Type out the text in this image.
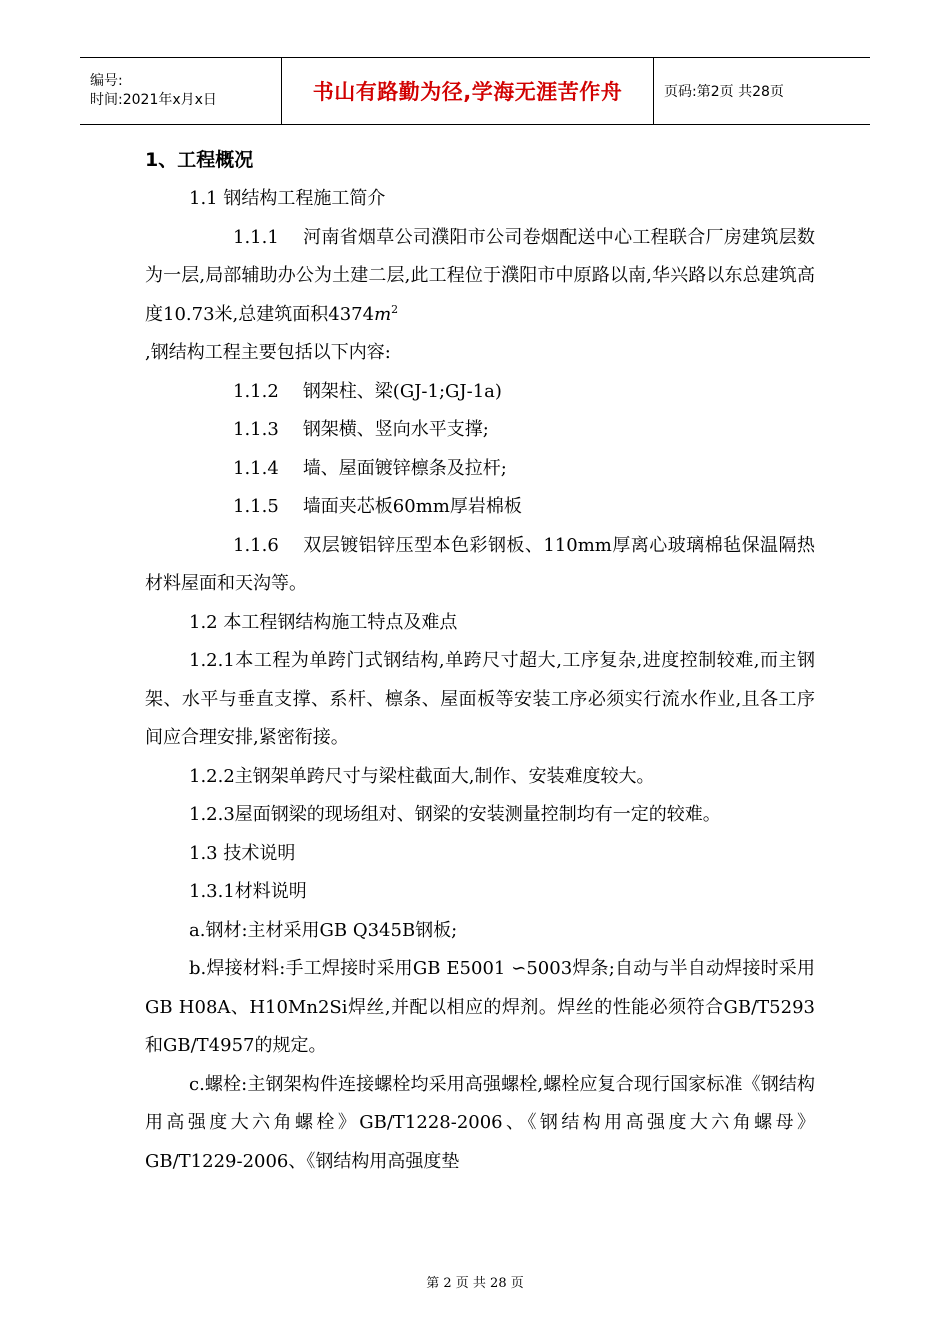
编号:
时间:2021年x月x日	书山有路勤为径,学海无涯苦作舟	页码:第2页 共28页
1、工程概况

1.1 钢结构工程施工简介

1.1.1 河南省烟草公司濮阳市公司卷烟配送中心工程联合厂房建筑层数为一层,局部辅助办公为土建二层,此工程位于濮阳市中原路以南,华兴路以东总建筑高度10.73米,总建筑面积$4374m^2$

,钢结构工程主要包括以下内容:

1.1.2 钢架柱、梁(GJ-1;GJ-1a)

1.1.3 钢架横、竖向水平支撑;

1.1.4 墙、屋面镀锌檩条及拉杆;

1.1.5 墙面夹芯板60mm厚岩棉板

1.1.6 双层镀铝锌压型本色彩钢板、110mm厚离心玻璃棉毡保温隔热材料屋面和天沟等。

1.2 本工程钢结构施工特点及难点

1.2.1本工程为单跨门式钢结构,单跨尺寸超大,工序复杂,进度控制较难,而主钢架、水平与垂直支撑、系杆、檩条、屋面板等安装工序必须实行流水作业,且各工序间应合理安排,紧密衔接。

1.2.2主钢架单跨尺寸与梁柱截面大,制作、安装难度较大。

1.2.3屋面钢梁的现场组对、钢梁的安装测量控制均有一定的较难。

1.3 技术说明

1.3.1材料说明

a.钢材:主材采用GB Q345B钢板;

b.焊接材料:手工焊接时采用GB E5001 ∽5003焊条;自动与半自动焊接时采用GB H08A、H10Mn2Si焊丝,并配以相应的焊剂。焊丝的性能必须符合GB/T5293和GB/T4957的规定。

c.螺栓:主钢架构件连接螺栓均采用高强螺栓,螺栓应复合现行国家标准《钢结构用高强度大六角螺栓》GB/T1228-2006、《钢结构用高强度大六角螺母》GB/T1229-2006、《钢结构用高强度垫

第 2 页 共 28 页
